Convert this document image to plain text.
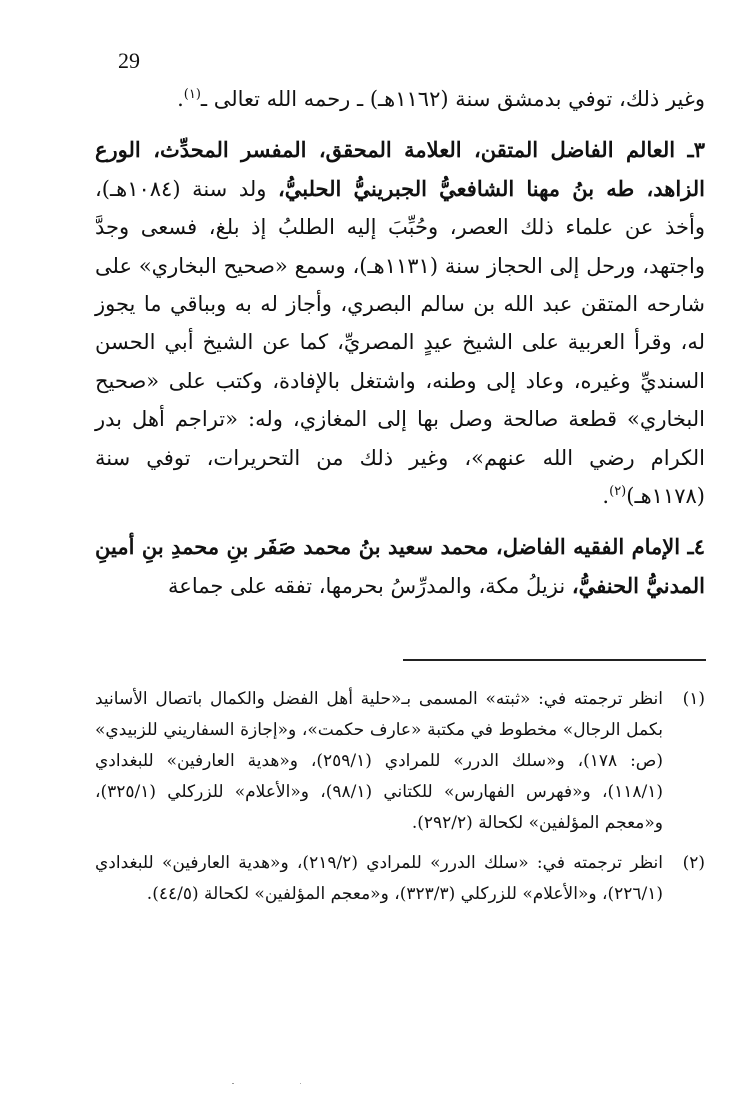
29

وغير ذلك، توفي بدمشق سنة (١١٦٢هـ) ـ رحمه الله تعالى ـ$^{(١)}$.

٣ـ العالم الفاضل المتقن، العلامة المحقق، المفسر المحدِّث، الورع الزاهد، طه بنُ مهنا الشافعيُّ الجبرينيُّ الحلبيُّ، ولد سنة (١٠٨٤هـ)، وأخذ عن علماء ذلك العصر، وحُبِّبَ إليه الطلبُ إذ بلغ، فسعى وجدَّ واجتهد، ورحل إلى الحجاز سنة (١١٣١هـ)، وسمع «صحيح البخاري» على شارحه المتقن عبد الله بن سالم البصري، وأجاز له به وبباقي ما يجوز له، وقرأ العربية على الشيخ عيدٍ المصريِّ، كما عن الشيخ أبي الحسن السنديِّ وغيره، وعاد إلى وطنه، واشتغل بالإفادة، وكتب على «صحيح البخاري» قطعة صالحة وصل بها إلى المغازي، وله: «تراجم أهل بدر الكرام رضي الله عنهم»، وغير ذلك من التحريرات، توفي سنة (١١٧٨هـ)$^{(٢)}$.

٤ـ الإمام الفقيه الفاضل، محمد سعيد بنُ محمد صَفَر بنِ محمدِ بنِ أمينِ المدنيُّ الحنفيُّ، نزيلُ مكة، والمدرِّسُ بحرمها، تفقه على جماعة

(١)
انظر ترجمته في: «ثبته» المسمى بـ«حلية أهل الفضل والكمال باتصال الأسانيد بكمل الرجال» مخطوط في مكتبة «عارف حكمت»، و«إجازة السفاريني للزبيدي» (ص: ١٧٨)، و«سلك الدرر» للمرادي (٢٥٩/١)، و«هدية العارفين» للبغدادي (١١٨/١)، و«فهرس الفهارس» للكتاني (٩٨/١)، و«الأعلام» للزركلي (٣٢٥/١)، و«معجم المؤلفين» لكحالة (٢٩٢/٢).

(٢)
انظر ترجمته في: «سلك الدرر» للمرادي (٢١٩/٢)، و«هدية العارفين» للبغدادي (٢٢٦/١)، و«الأعلام» للزركلي (٣٢٣/٣)، و«معجم المؤلفين» لكحالة (٤٤/٥).
